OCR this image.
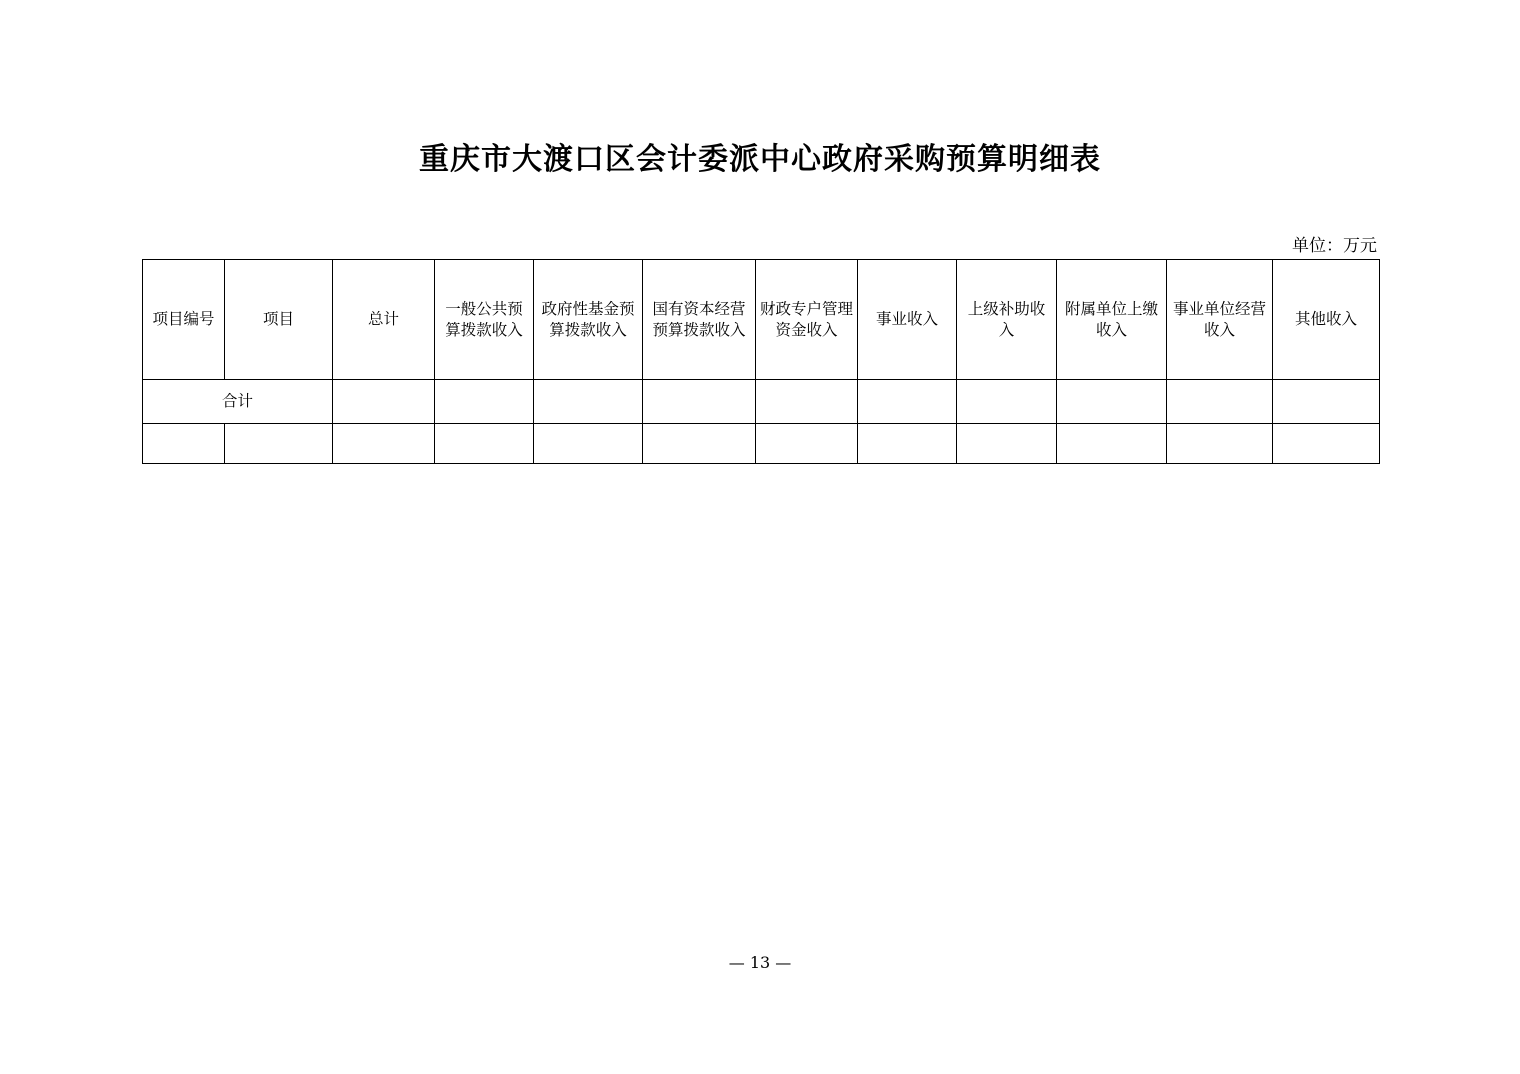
重庆市大渡口区会计委派中心政府采购预算明细表
单位：万元
项目编号	项目	总计	一般公共预算拨款收入	政府性基金预算拨款收入	国有资本经营预算拨款收入	财政专户管理资金收入	事业收入	上级补助收入	附属单位上缴收入	事业单位经营收入	其他收入
合计											

— 13 —
